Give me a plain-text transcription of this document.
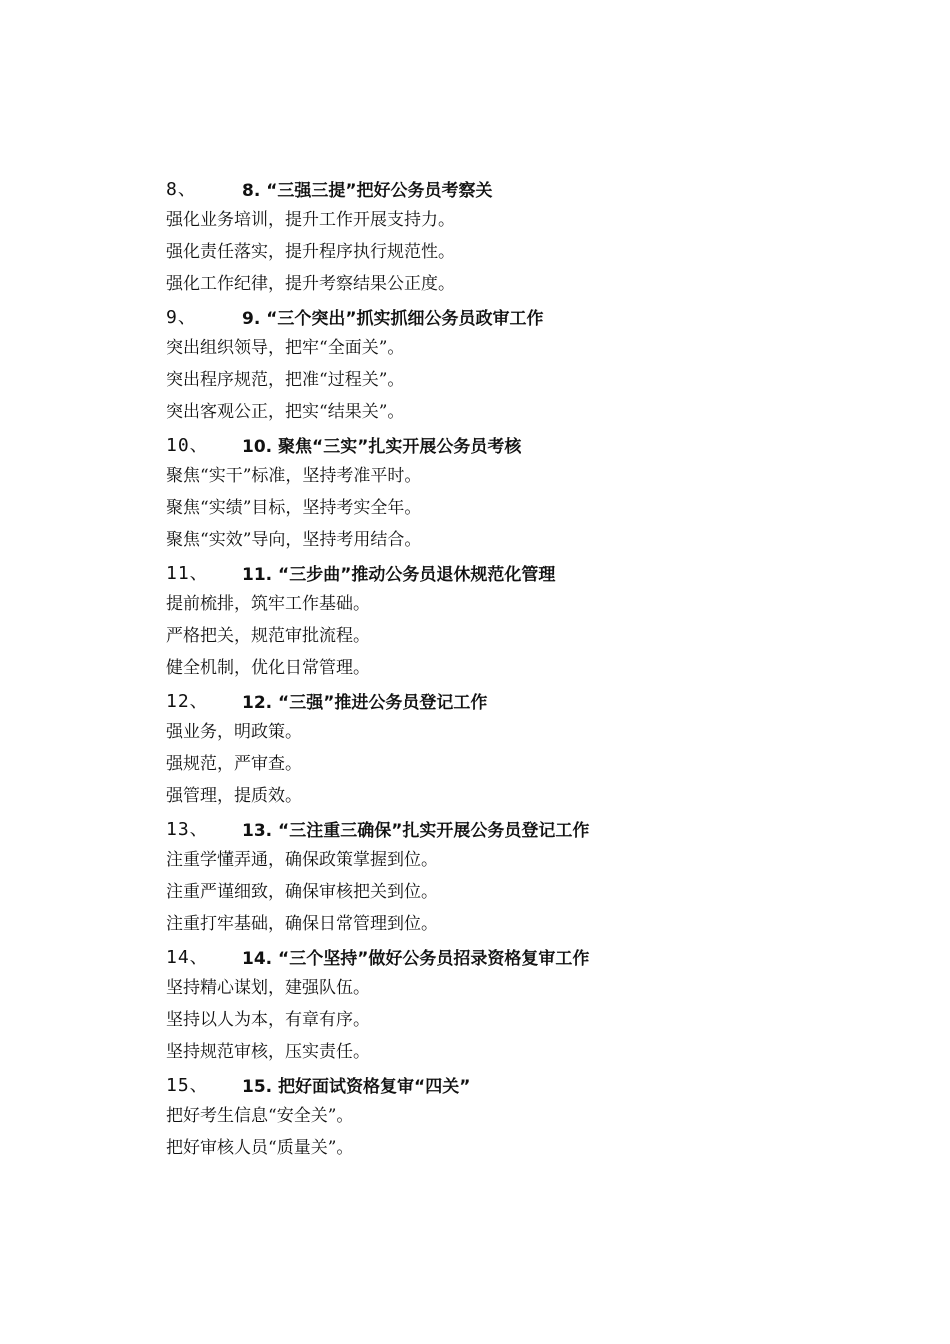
8、	8. “三强三提”把好公务员考察关
强化业务培训，提升工作开展支持力。
强化责任落实，提升程序执行规范性。
强化工作纪律，提升考察结果公正度。
9、	9. “三个突出”抓实抓细公务员政审工作
突出组织领导，把牢“全面关”。
突出程序规范，把准“过程关”。
突出客观公正，把实“结果关”。
10、	10. 聚焦“三实”扎实开展公务员考核
聚焦“实干”标准，坚持考准平时。
聚焦“实绩”目标，坚持考实全年。
聚焦“实效”导向，坚持考用结合。
11、	11. “三步曲”推动公务员退休规范化管理
提前梳排，筑牢工作基础。
严格把关，规范审批流程。
健全机制，优化日常管理。
12、	12. “三强”推进公务员登记工作
强业务，明政策。
强规范，严审查。
强管理，提质效。
13、	13. “三注重三确保”扎实开展公务员登记工作
注重学懂弄通，确保政策掌握到位。
注重严谨细致，确保审核把关到位。
注重打牢基础，确保日常管理到位。
14、	14. “三个坚持”做好公务员招录资格复审工作
坚持精心谋划，建强队伍。
坚持以人为本，有章有序。
坚持规范审核，压实责任。
15、	15. 把好面试资格复审“四关”
把好考生信息“安全关”。
把好审核人员“质量关”。
